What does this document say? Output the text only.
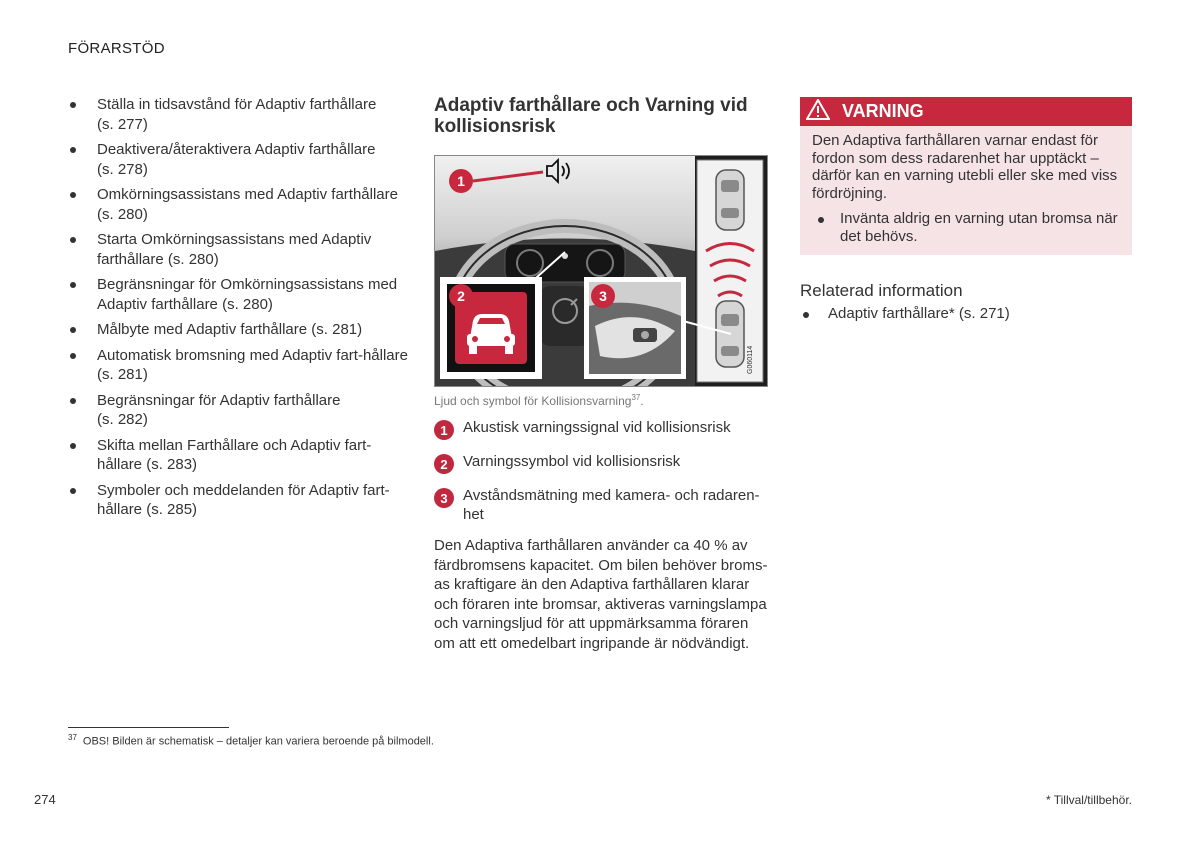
FÖRARSTÖD
Ställa in tidsavstånd för Adaptiv farthållare
(s. 277)
Deaktivera/återaktivera Adaptiv farthållare
(s. 278)
Omkörningsassistans med Adaptiv farthållare
(s. 280)
Starta Omkörningsassistans med Adaptiv farthållare (s. 280)
Begränsningar för Omkörningsassistans med Adaptiv farthållare (s. 280)
Målbyte med Adaptiv farthållare (s. 281)
Automatisk bromsning med Adaptiv fart-hållare (s. 281)
Begränsningar för Adaptiv farthållare
(s. 282)
Skifta mellan Farthållare och Adaptiv fart-hållare (s. 283)
Symboler och meddelanden för Adaptiv fart-hållare (s. 285)
Adaptiv farthållare och Varning vid kollisionsrisk
G060114
1
2	3
Ljud och symbol för Kollisionsvarning$^{37}$.
1	Akustisk varningssignal vid kollisionsrisk
2	Varningssymbol vid kollisionsrisk
3	Avståndsmätning med kamera- och radaren-het

Den Adaptiva farthållaren använder ca 40 % av färdbromsens kapacitet. Om bilen behöver broms-as kraftigare än den Adaptiva farthållaren klarar och föraren inte bromsar, aktiveras varningslampa och varningsljud för att uppmärksamma föraren om att ett omedelbart ingripande är nödvändigt.

VARNING

Den Adaptiva farthållaren varnar endast för fordon som dess radarenhet har upptäckt – därför kan en varning utebli eller ske med viss fördröjning.

Invänta aldrig en varning utan bromsa när det behövs.
Relaterad information
Adaptiv farthållare* (s. 271)
$^{37}$ OBS! Bilden är schematisk – detaljer kan variera beroende på bilmodell.
274	* Tillval/tillbehör.
